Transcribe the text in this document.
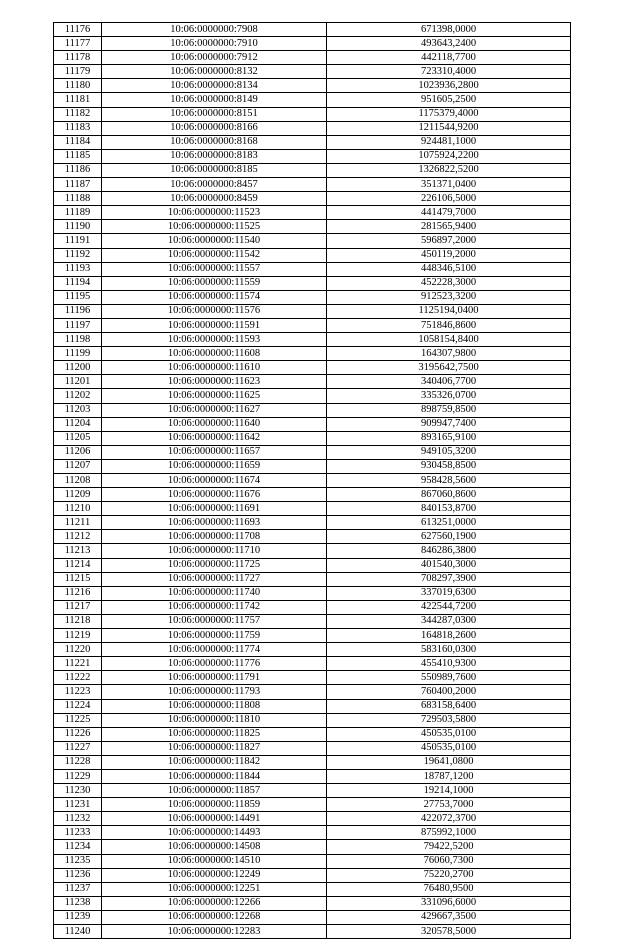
11176	10:06:0000000:7908	671398,0000
11177	10:06:0000000:7910	493643,2400
11178	10:06:0000000:7912	442118,7700
11179	10:06:0000000:8132	723310,4000
11180	10:06:0000000:8134	1023936,2800
11181	10:06:0000000:8149	951605,2500
11182	10:06:0000000:8151	1175379,4000
11183	10:06:0000000:8166	1211544,9200
11184	10:06:0000000:8168	924481,1000
11185	10:06:0000000:8183	1075924,2200
11186	10:06:0000000:8185	1326822,5200
11187	10:06:0000000:8457	351371,0400
11188	10:06:0000000:8459	226106,5000
11189	10:06:0000000:11523	441479,7000
11190	10:06:0000000:11525	281565,9400
11191	10:06:0000000:11540	596897,2000
11192	10:06:0000000:11542	450119,2000
11193	10:06:0000000:11557	448346,5100
11194	10:06:0000000:11559	452228,3000
11195	10:06:0000000:11574	912523,3200
11196	10:06:0000000:11576	1125194,0400
11197	10:06:0000000:11591	751846,8600
11198	10:06:0000000:11593	1058154,8400
11199	10:06:0000000:11608	164307,9800
11200	10:06:0000000:11610	3195642,7500
11201	10:06:0000000:11623	340406,7700
11202	10:06:0000000:11625	335326,0700
11203	10:06:0000000:11627	898759,8500
11204	10:06:0000000:11640	909947,7400
11205	10:06:0000000:11642	893165,9100
11206	10:06:0000000:11657	949105,3200
11207	10:06:0000000:11659	930458,8500
11208	10:06:0000000:11674	958428,5600
11209	10:06:0000000:11676	867060,8600
11210	10:06:0000000:11691	840153,8700
11211	10:06:0000000:11693	613251,0000
11212	10:06:0000000:11708	627560,1900
11213	10:06:0000000:11710	846286,3800
11214	10:06:0000000:11725	401540,3000
11215	10:06:0000000:11727	708297,3900
11216	10:06:0000000:11740	337019,6300
11217	10:06:0000000:11742	422544,7200
11218	10:06:0000000:11757	344287,0300
11219	10:06:0000000:11759	164818,2600
11220	10:06:0000000:11774	583160,0300
11221	10:06:0000000:11776	455410,9300
11222	10:06:0000000:11791	550989,7600
11223	10:06:0000000:11793	760400,2000
11224	10:06:0000000:11808	683158,6400
11225	10:06:0000000:11810	729503,5800
11226	10:06:0000000:11825	450535,0100
11227	10:06:0000000:11827	450535,0100
11228	10:06:0000000:11842	19641,0800
11229	10:06:0000000:11844	18787,1200
11230	10:06:0000000:11857	19214,1000
11231	10:06:0000000:11859	27753,7000
11232	10:06:0000000:14491	422072,3700
11233	10:06:0000000:14493	875992,1000
11234	10:06:0000000:14508	79422,5200
11235	10:06:0000000:14510	76060,7300
11236	10:06:0000000:12249	75220,2700
11237	10:06:0000000:12251	76480,9500
11238	10:06:0000000:12266	331096,6000
11239	10:06:0000000:12268	429667,3500
11240	10:06:0000000:12283	320578,5000
